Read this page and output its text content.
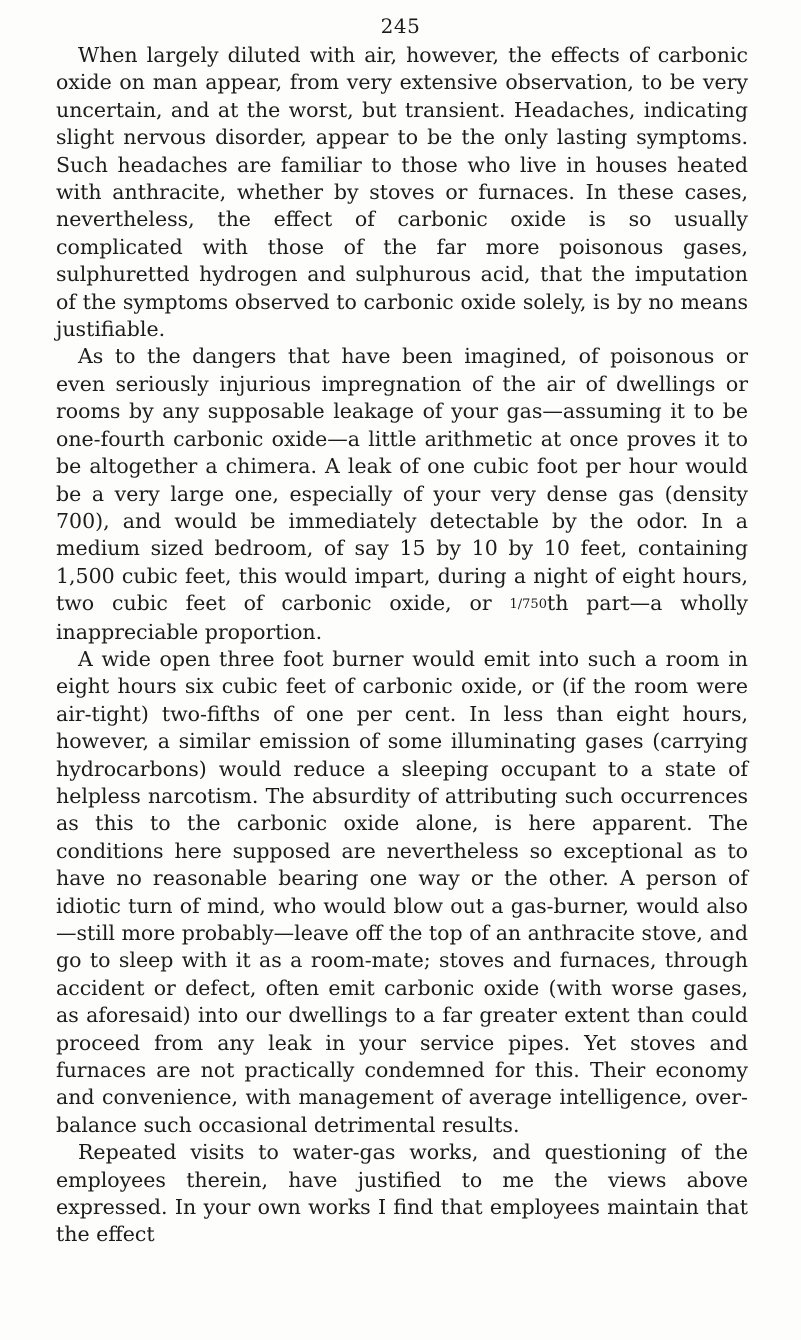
245

When largely diluted with air, however, the effects of carbonic oxide on man appear, from very extensive observation, to be very uncertain, and at the worst, but transient. Headaches, indicating slight nervous disorder, appear to be the only lasting symptoms. Such headaches are familiar to those who live in houses heated with anthracite, whether by stoves or furnaces. In these cases, nevertheless, the effect of carbonic oxide is so usually complicated with those of the far more poisonous gases, sulphuretted hydrogen and sulphurous acid, that the imputation of the symptoms observed to carbonic oxide solely, is by no means justifiable.

As to the dangers that have been imagined, of poisonous or even seriously injurious impregnation of the air of dwellings or rooms by any supposable leakage of your gas—assuming it to be one-fourth carbonic oxide—a little arithmetic at once proves it to be altogether a chimera. A leak of one cubic foot per hour would be a very large one, especially of your very dense gas (density 700), and would be immediately detectable by the odor. In a medium sized bedroom, of say 15 by 10 by 10 feet, containing 1,500 cubic feet, this would impart, during a night of eight hours, two cubic feet of carbonic oxide, or 1/750th part—a wholly inappreciable proportion.

A wide open three foot burner would emit into such a room in eight hours six cubic feet of carbonic oxide, or (if the room were air-tight) two-fifths of one per cent. In less than eight hours, however, a similar emission of some illuminating gases (carrying hydrocarbons) would reduce a sleeping occupant to a state of helpless narcotism. The absurdity of attributing such occurrences as this to the carbonic oxide alone, is here apparent. The conditions here supposed are nevertheless so exceptional as to have no reasonable bearing one way or the other. A person of idiotic turn of mind, who would blow out a gas-burner, would also—still more probably—leave off the top of an anthracite stove, and go to sleep with it as a room-mate; stoves and furnaces, through accident or defect, often emit carbonic oxide (with worse gases, as aforesaid) into our dwellings to a far greater extent than could proceed from any leak in your service pipes. Yet stoves and furnaces are not practically condemned for this. Their economy and convenience, with management of average intelligence, over-balance such occasional detrimental results.

Repeated visits to water-gas works, and questioning of the employees therein, have justified to me the views above expressed. In your own works I find that employees maintain that the effect
